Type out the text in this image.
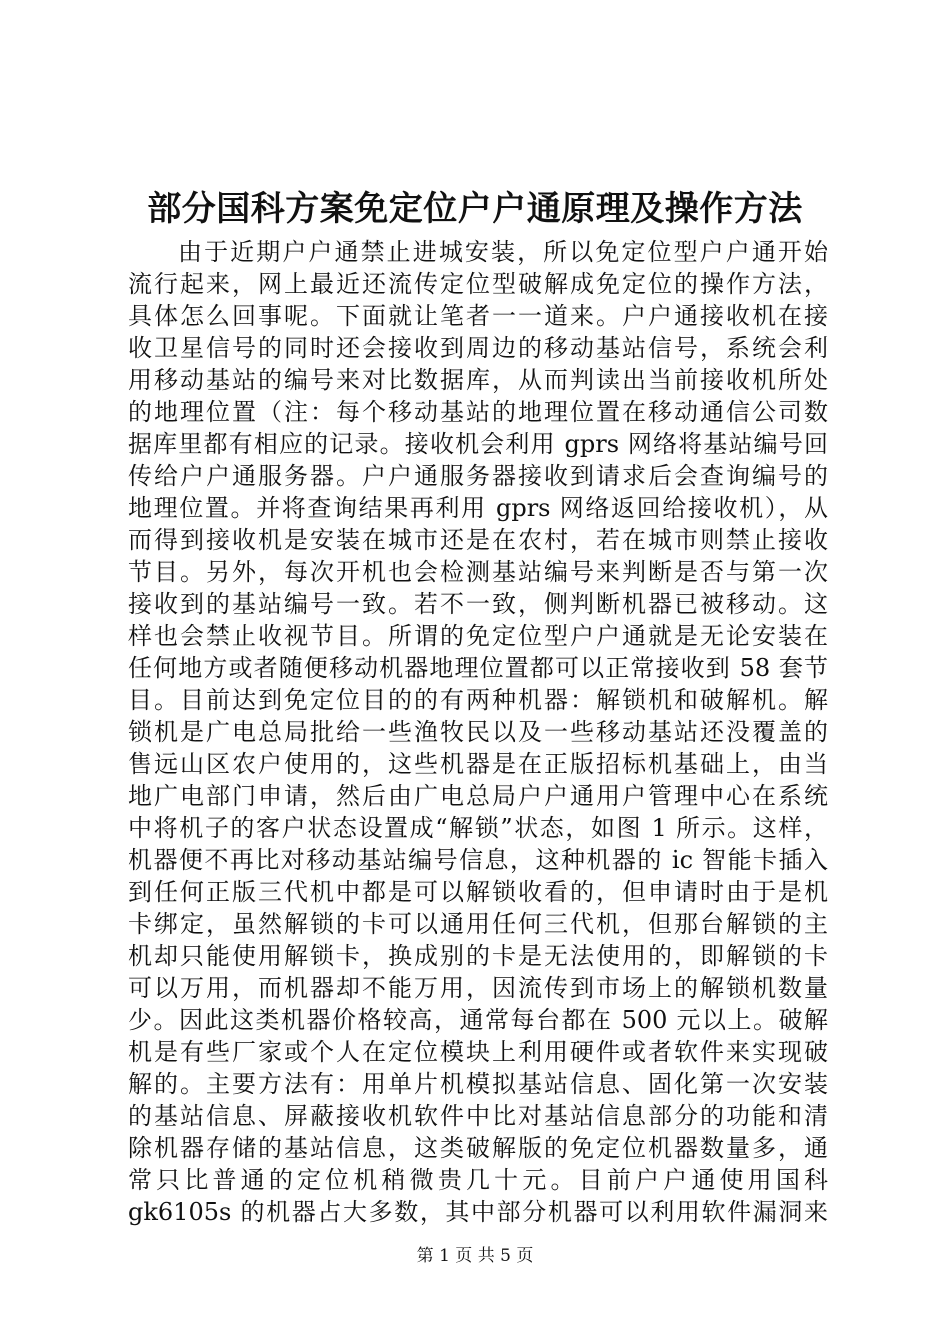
部分国科方案免定位户户通原理及操作方法
由于近期户户通禁止进城安装，所以免定位型户户通开始
流行起来，网上最近还流传定位型破解成免定位的操作方法，
具体怎么回事呢。下面就让笔者一一道来。户户通接收机在接
收卫星信号的同时还会接收到周边的移动基站信号，系统会利
用移动基站的编号来对比数据库，从而判读出当前接收机所处
的地理位置（注：每个移动基站的地理位置在移动通信公司数
据库里都有相应的记录。接收机会利用 gprs 网络将基站编号回
传给户户通服务器。户户通服务器接收到请求后会查询编号的
地理位置。并将查询结果再利用 gprs 网络返回给接收机），从
而得到接收机是安装在城市还是在农村，若在城市则禁止接收
节目。另外，每次开机也会检测基站编号来判断是否与第一次
接收到的基站编号一致。若不一致，侧判断机器已被移动。这
样也会禁止收视节目。所谓的免定位型户户通就是无论安装在
任何地方或者随便移动机器地理位置都可以正常接收到 58 套节
目。目前达到免定位目的的有两种机器：解锁机和破解机。解
锁机是广电总局批给一些渔牧民以及一些移动基站还没覆盖的
售远山区农户使用的，这些机器是在正版招标机基础上，由当
地广电部门申请，然后由广电总局户户通用户管理中心在系统
中将机子的客户状态设置成“解锁”状态，如图 1 所示。这样，
机器便不再比对移动基站编号信息，这种机器的 ic 智能卡插入
到任何正版三代机中都是可以解锁收看的，但申请时由于是机
卡绑定，虽然解锁的卡可以通用任何三代机，但那台解锁的主
机却只能使用解锁卡，换成别的卡是无法使用的，即解锁的卡
可以万用，而机器却不能万用，因流传到市场上的解锁机数量
少。因此这类机器价格较高，通常每台都在 500 元以上。破解
机是有些厂家或个人在定位模块上利用硬件或者软件来实现破
解的。主要方法有：用单片机模拟基站信息、固化第一次安装
的基站信息、屏蔽接收机软件中比对基站信息部分的功能和清
除机器存储的基站信息，这类破解版的免定位机器数量多，通
常只比普通的定位机稍微贵几十元。目前户户通使用国科
gk6105s 的机器占大多数，其中部分机器可以利用软件漏洞来
第 1 页 共 5 页
